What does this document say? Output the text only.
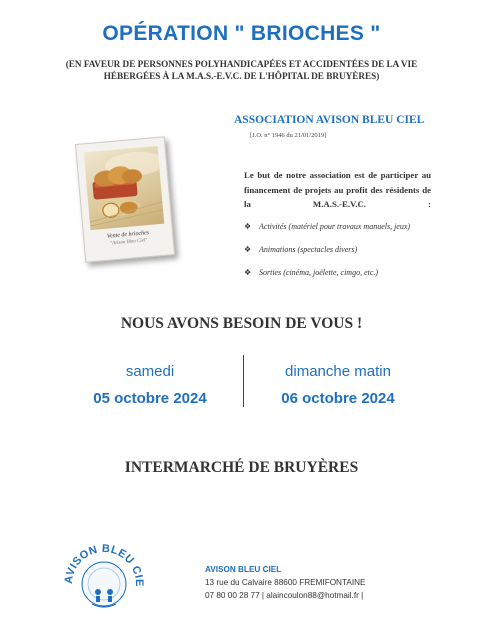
OPÉRATION " BRIOCHES "
(EN FAVEUR DE PERSONNES POLYHANDICAPÉES ET ACCIDENTÉES DE LA VIE
HÉBERGÉES À LA M.A.S.-E.V.C. DE L'HÔPITAL DE BRUYÈRES)
Vente de brioches
"Avison Bleu Ciel"
ASSOCIATION AVISON BLEU CIEL
[J.O. n° 1946 du 21/01/2019]
Le but de notre association est de participer au financement de projets au profit des résidents de la M.A.S.-E.V.C. :
❖ Activités (matériel pour travaux manuels, jeux)
❖ Animations (spectacles divers)
❖ Sorties (cinéma, joëlette, cimgo, etc.)
NOUS AVONS BESOIN DE VOUS !
samedi
05 octobre 2024
dimanche matin
06 octobre 2024
INTERMARCHÉ DE BRUYÈRES
AVISON BLEU CIE
AVISON BLEU CIEL
13 rue du Calvaire 88600 FREMIFONTAINE
07 80 00 28 77 | alaincoulon88@hotmail.fr |
